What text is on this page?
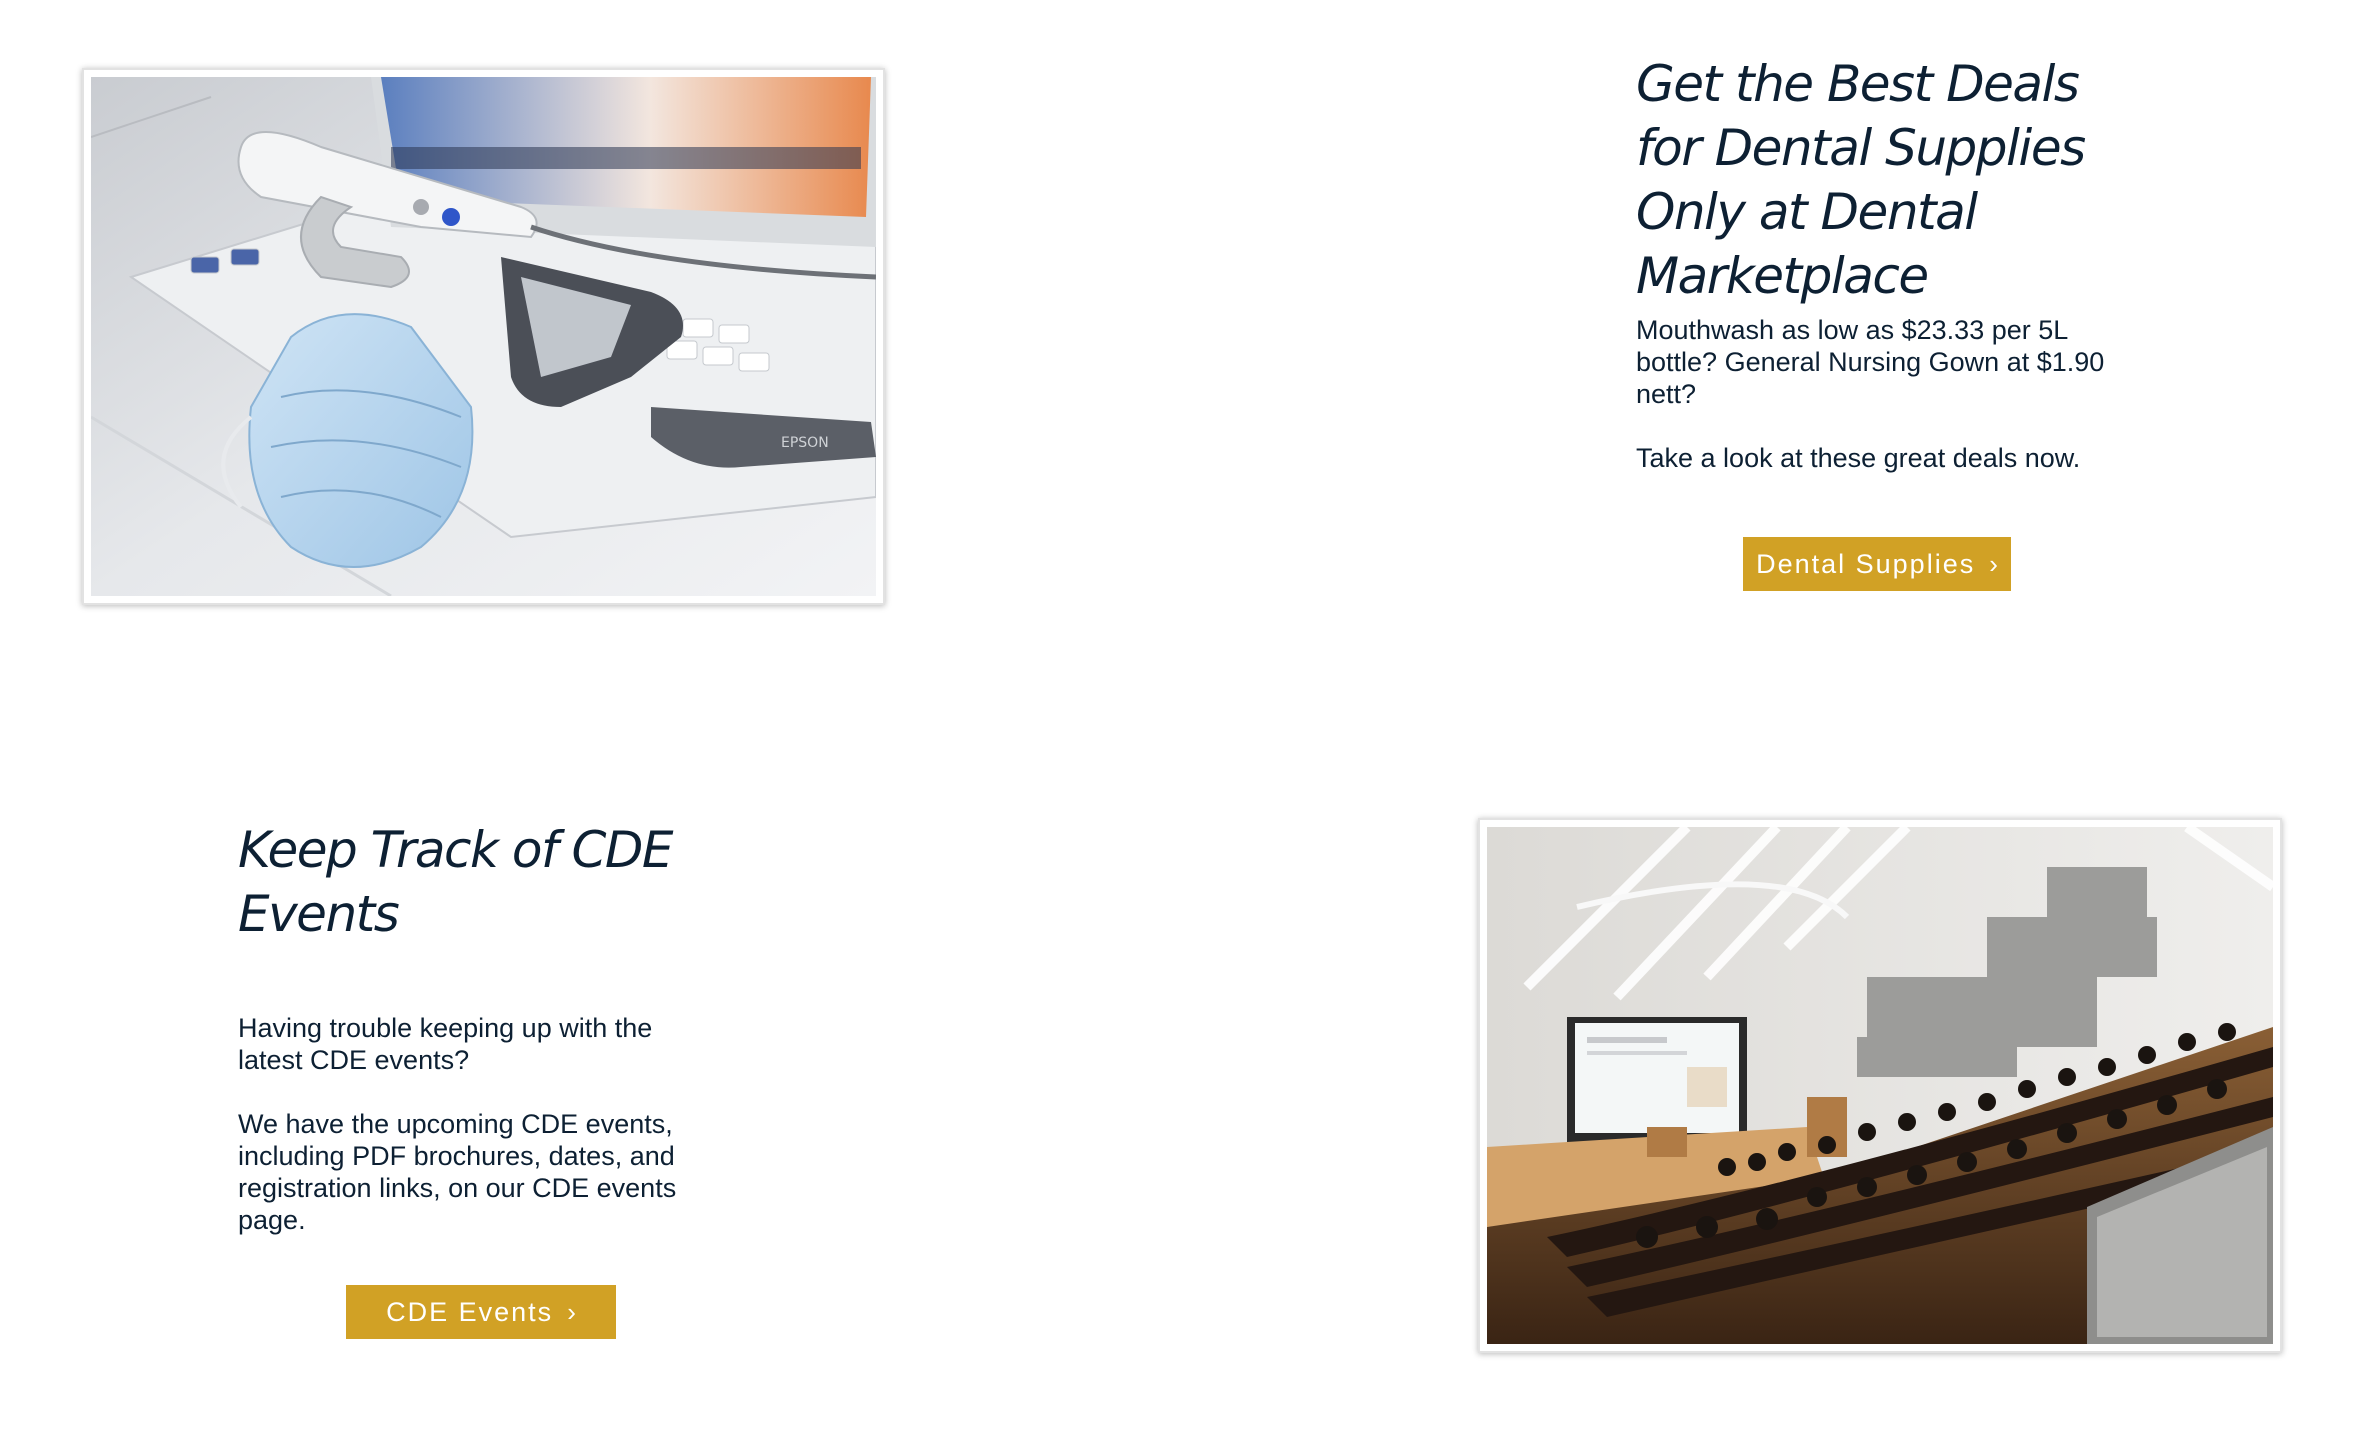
EPSON
Get the Best Deals for Dental Supplies Only at Dental Marketplace

Mouthwash as low as $23.33 per 5L bottle? General Nursing Gown at $1.90 nett?

Take a look at these great deals now.

Dental Supplies ›
Keep Track of CDE Events

Having trouble keeping up with the latest CDE events?

We have the upcoming CDE events, including PDF brochures, dates, and registration links, on our CDE events page.

CDE Events ›
